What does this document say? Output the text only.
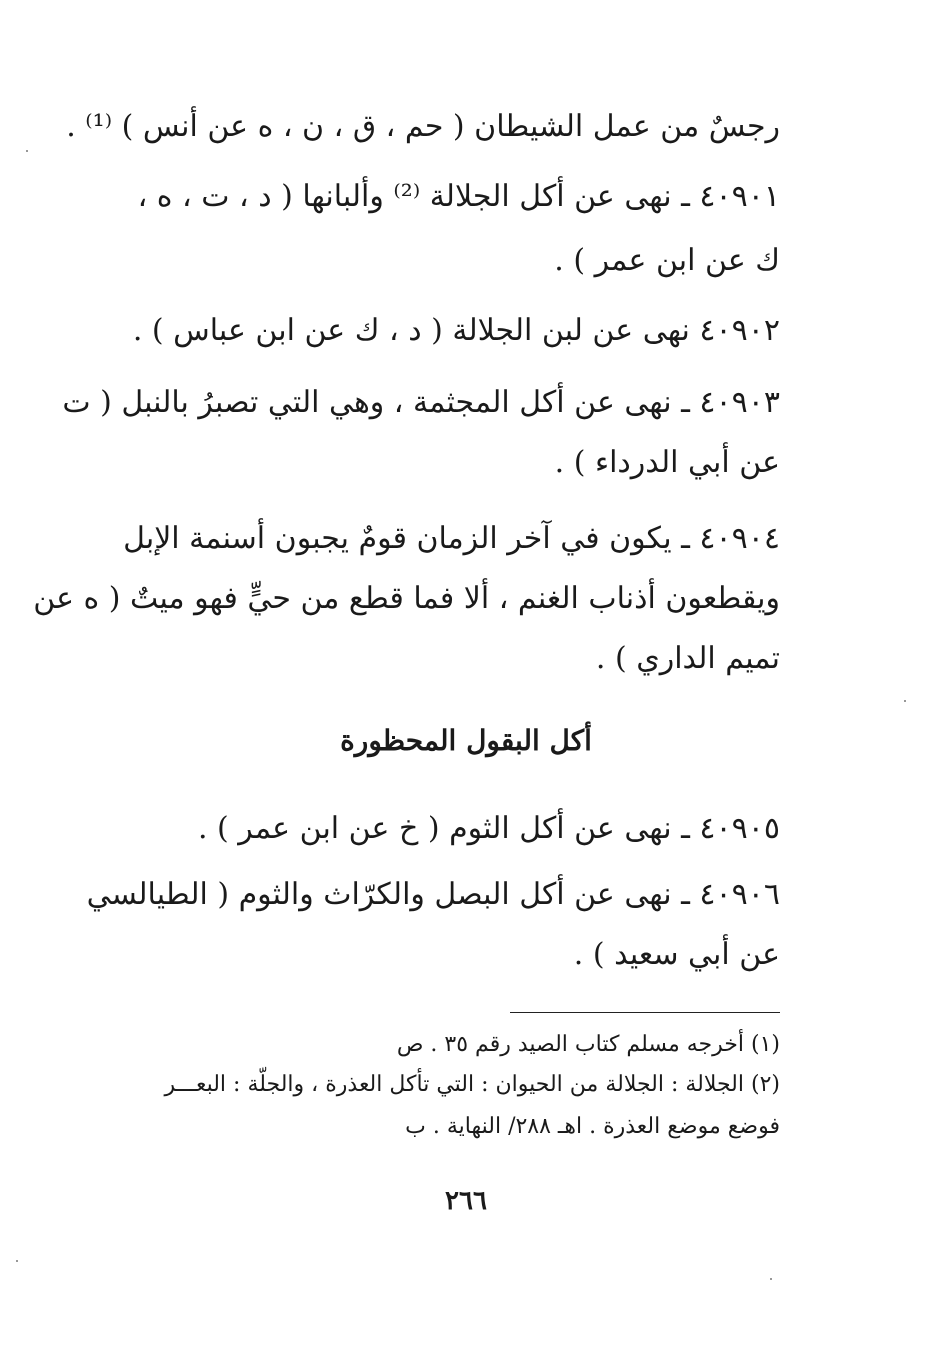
رجسٌ من عمل الشيطان ( حم ، ق ، ن ، ه عن أنس ) ⁽¹⁾ .
٤٠٩٠١ ـ نهى عن أكل الجلالة ⁽²⁾ وألبانها ( د ، ت ، ه ،
ك عن ابن عمر ) .
٤٠٩٠٢ نهى عن لبن الجلالة ( د ، ك عن ابن عباس ) .
٤٠٩٠٣ ـ نهى عن أكل المجثمة ، وهي التي تصبرُ بالنبل ( ت
عن أبي الدرداء ) .
٤٠٩٠٤ ـ يكون في آخر الزمان قومٌ يجبون أسنمة الإبل
ويقطعون أذناب الغنم ، ألا فما قطع من حيٍّ فهو ميتٌ ( ه عن
تميم الداري ) .
أكل البقول المحظورة
٤٠٩٠٥ ـ نهى عن أكل الثوم ( خ عن ابن عمر ) .
٤٠٩٠٦ ـ نهى عن أكل البصل والكرّاث والثوم ( الطيالسي
عن أبي سعيد ) .
(١) أخرجه مسلم كتاب الصيد رقم ٣٥ . ص
(٢) الجلالة : الجلالة من الحيوان : التي تأكل العذرة ، والجلّة : البعـــر
فوضع موضع العذرة . اهـ ٢٨٨/ النهاية . ب
٢٦٦
